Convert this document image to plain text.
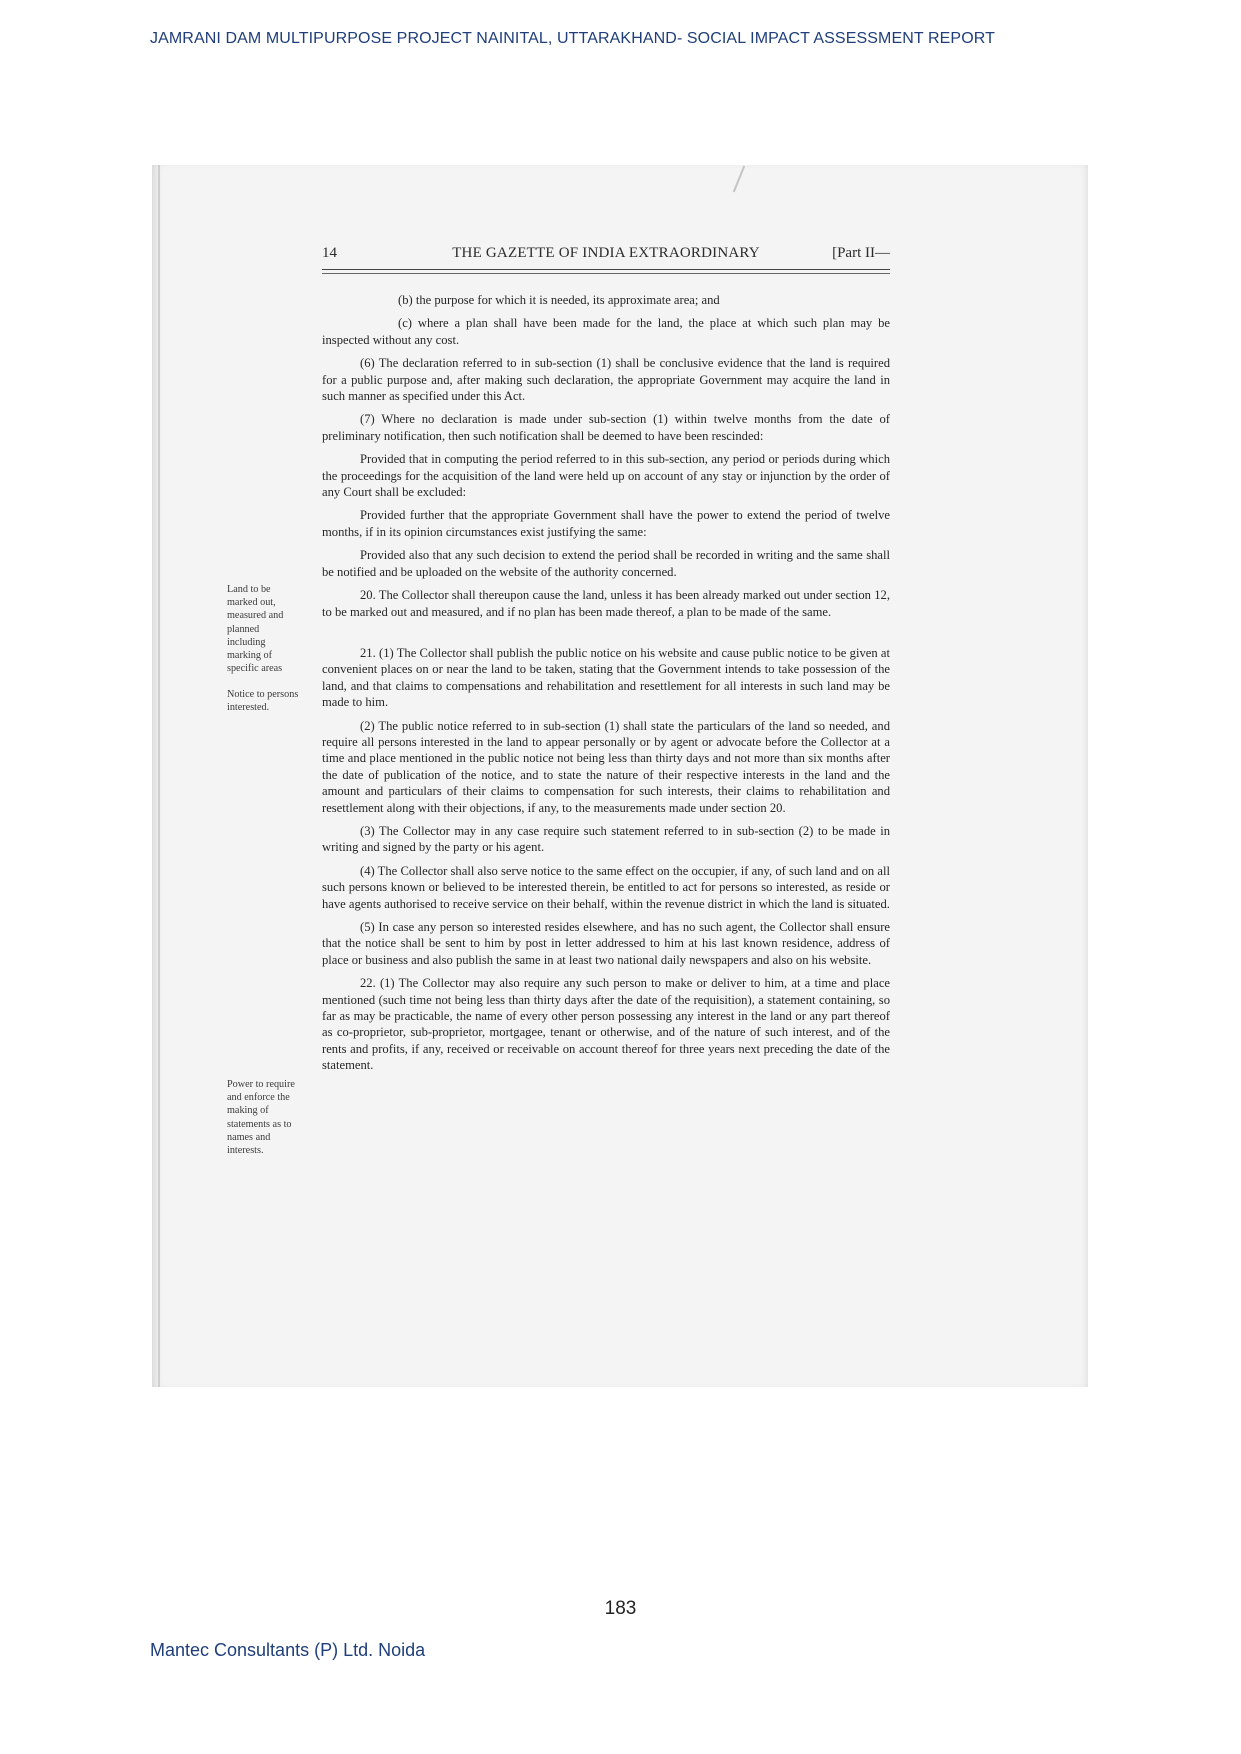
JAMRANI DAM MULTIPURPOSE PROJECT NAINITAL, UTTARAKHAND- SOCIAL IMPACT ASSESSMENT REPORT
14	THE GAZETTE OF INDIA EXTRAORDINARY	[Part II—
Land to be marked out, measured and planned including marking of specific areas
Notice to persons interested.
Power to require and enforce the making of statements as to names and interests.

(b) the purpose for which it is needed, its approximate area; and

(c) where a plan shall have been made for the land, the place at which such plan may be inspected without any cost.

(6) The declaration referred to in sub-section (1) shall be conclusive evidence that the land is required for a public purpose and, after making such declaration, the appropriate Government may acquire the land in such manner as specified under this Act.

(7) Where no declaration is made under sub-section (1) within twelve months from the date of preliminary notification, then such notification shall be deemed to have been rescinded:

Provided that in computing the period referred to in this sub-section, any period or periods during which the proceedings for the acquisition of the land were held up on account of any stay or injunction by the order of any Court shall be excluded:

Provided further that the appropriate Government shall have the power to extend the period of twelve months, if in its opinion circumstances exist justifying the same:

Provided also that any such decision to extend the period shall be recorded in writing and the same shall be notified and be uploaded on the website of the authority concerned.

20. The Collector shall thereupon cause the land, unless it has been already marked out under section 12, to be marked out and measured, and if no plan has been made thereof, a plan to be made of the same.

21. (1) The Collector shall publish the public notice on his website and cause public notice to be given at convenient places on or near the land to be taken, stating that the Government intends to take possession of the land, and that claims to compensations and rehabilitation and resettlement for all interests in such land may be made to him.

(2) The public notice referred to in sub-section (1) shall state the particulars of the land so needed, and require all persons interested in the land to appear personally or by agent or advocate before the Collector at a time and place mentioned in the public notice not being less than thirty days and not more than six months after the date of publication of the notice, and to state the nature of their respective interests in the land and the amount and particulars of their claims to compensation for such interests, their claims to rehabilitation and resettlement along with their objections, if any, to the measurements made under section 20.

(3) The Collector may in any case require such statement referred to in sub-section (2) to be made in writing and signed by the party or his agent.

(4) The Collector shall also serve notice to the same effect on the occupier, if any, of such land and on all such persons known or believed to be interested therein, be entitled to act for persons so interested, as reside or have agents authorised to receive service on their behalf, within the revenue district in which the land is situated.

(5) In case any person so interested resides elsewhere, and has no such agent, the Collector shall ensure that the notice shall be sent to him by post in letter addressed to him at his last known residence, address of place or business and also publish the same in at least two national daily newspapers and also on his website.

22. (1) The Collector may also require any such person to make or deliver to him, at a time and place mentioned (such time not being less than thirty days after the date of the requisition), a statement containing, so far as may be practicable, the name of every other person possessing any interest in the land or any part thereof as co-proprietor, sub-proprietor, mortgagee, tenant or otherwise, and of the nature of such interest, and of the rents and profits, if any, received or receivable on account thereof for three years next preceding the date of the statement.

183
Mantec Consultants (P) Ltd. Noida
